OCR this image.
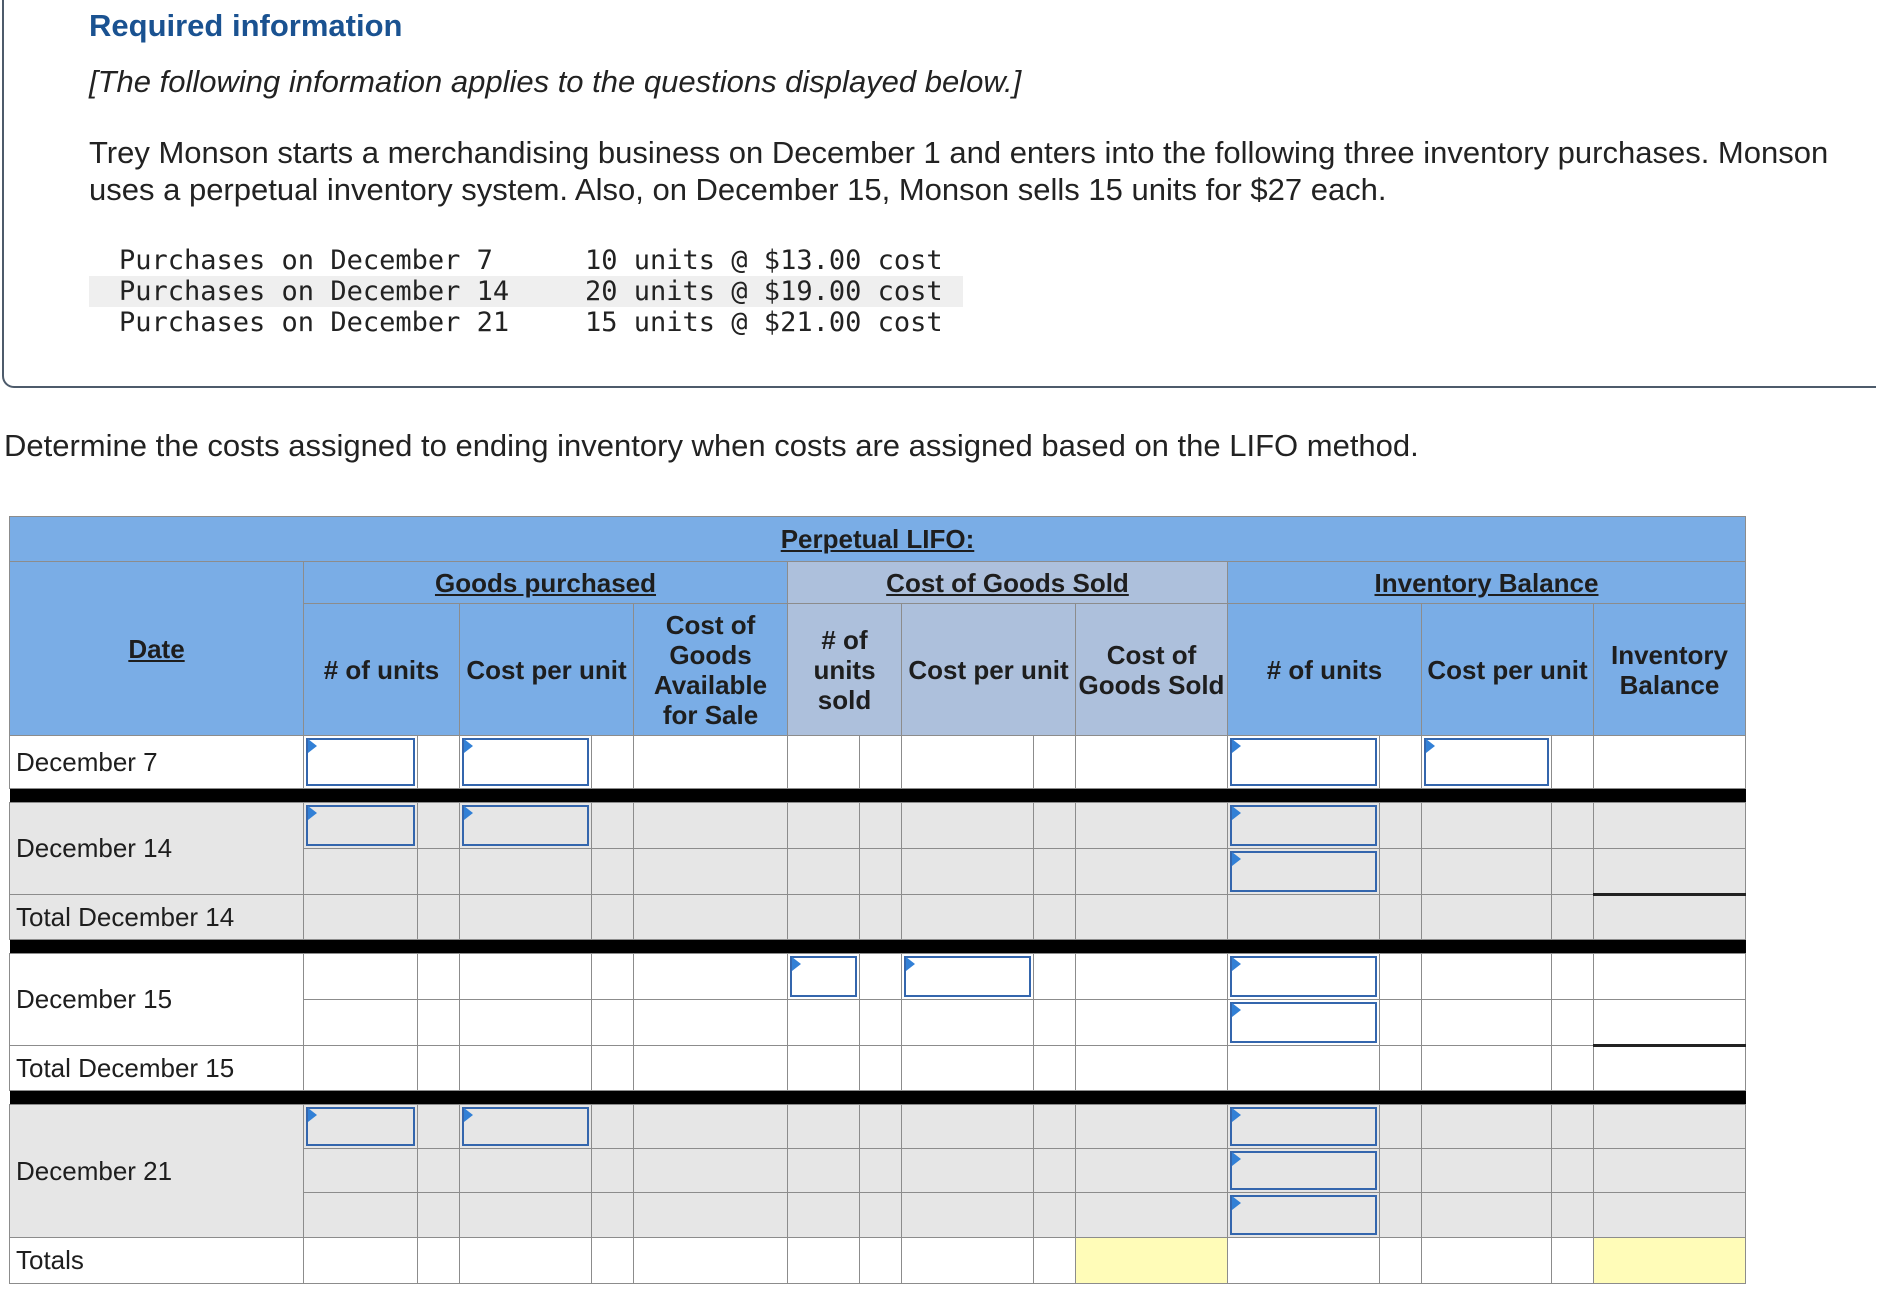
Required information
[The following information applies to the questions displayed below.]
Trey Monson starts a merchandising business on December 1 and enters into the following three inventory purchases. Monson uses a perpetual inventory system. Also, on December 15, Monson sells 15 units for $27 each.
Purchases on December 7	10 units @ $13.00 cost
Purchases on December 14	20 units @ $19.00 cost
Purchases on December 21	15 units @ $21.00 cost
Determine the costs assigned to ending inventory when costs are assigned based on the LIFO method.
Perpetual LIFO:															
Date	Goods purchased					Cost of Goods Sold					Inventory Balance				
	# of units		Cost per unit		Cost of Goods Available for Sale	# of units sold		Cost per unit		Cost of Goods Sold	# of units		Cost per unit		Inventory Balance
December 7	

December 14	

Total December 14															

December 15						

Total December 15															

December 21	

Totals															
